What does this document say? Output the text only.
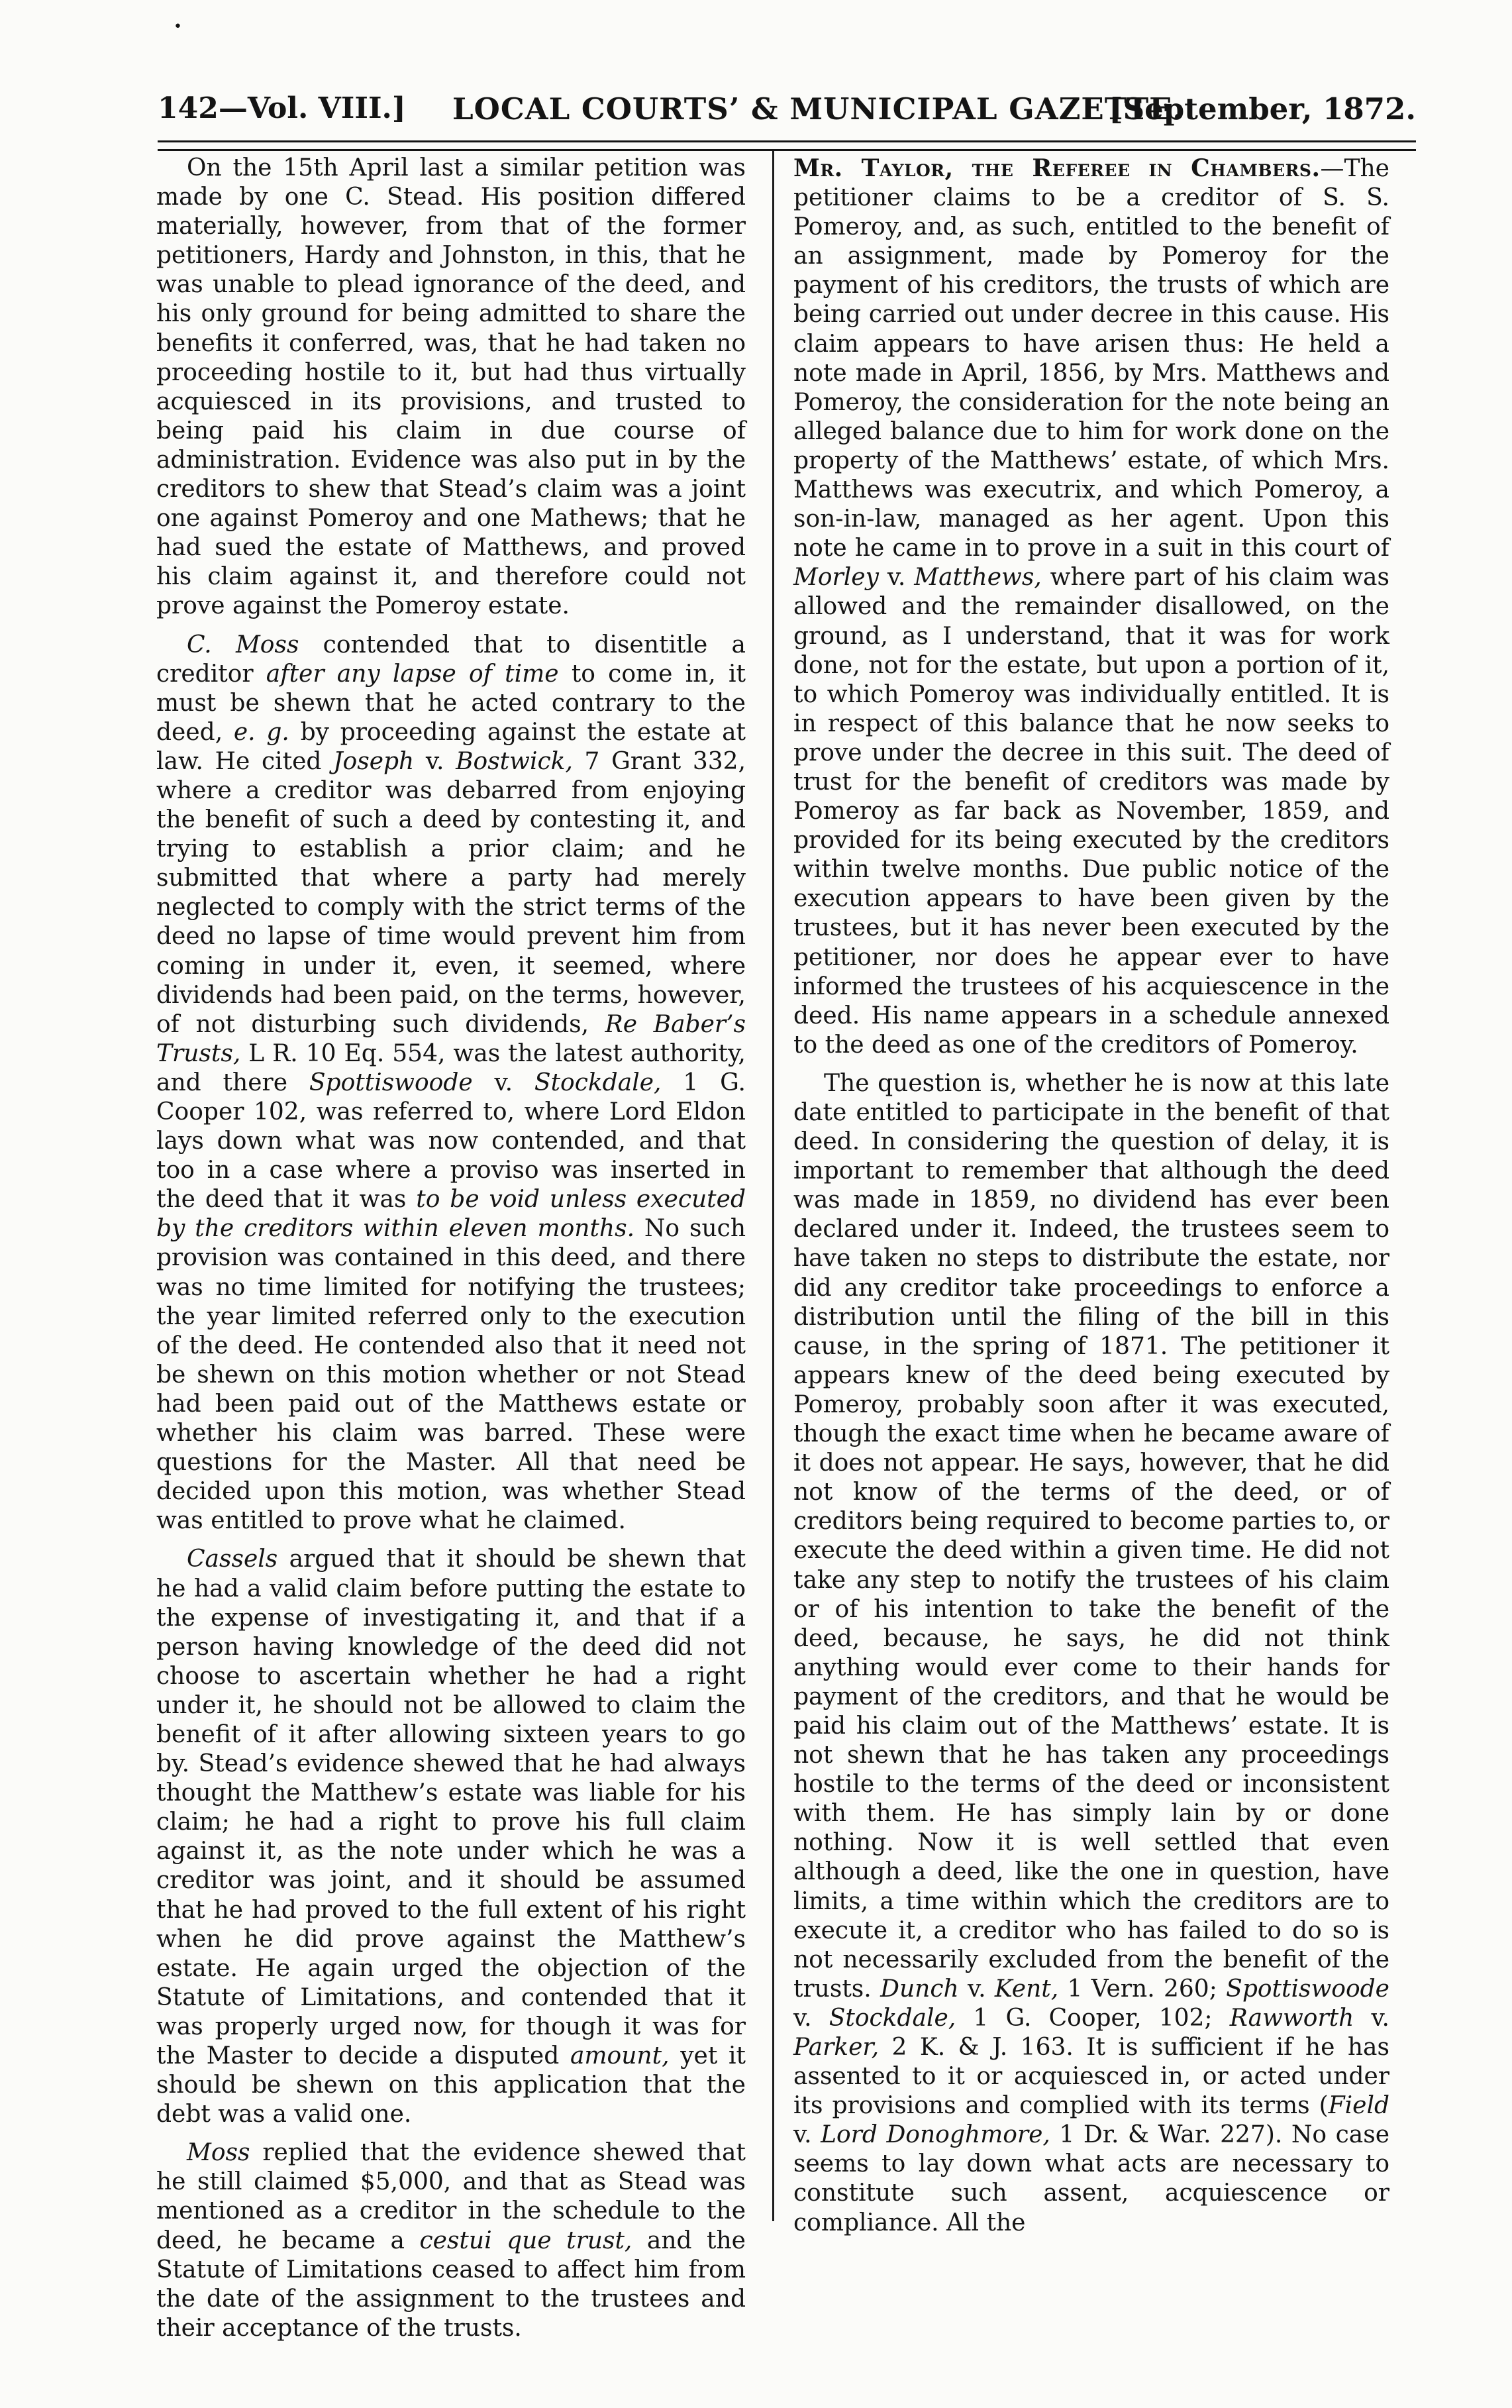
•
142—Vol. VIII.] LOCAL COURTS’ & MUNICIPAL GAZETTE.
[September, 1872.

On the 15th April last a similar petition was made by one C. Stead. His position differed materially, however, from that of the former petitioners, Hardy and Johnston, in this, that he was unable to plead ignorance of the deed, and his only ground for being admitted to share the benefits it conferred, was, that he had taken no proceeding hostile to it, but had thus virtually acquiesced in its provisions, and trusted to being paid his claim in due course of administration. Evidence was also put in by the creditors to shew that Stead’s claim was a joint one against Pomeroy and one Mathews; that he had sued the estate of Matthews, and proved his claim against it, and therefore could not prove against the Pomeroy estate.

C. Moss contended that to disentitle a creditor after any lapse of time to come in, it must be shewn that he acted contrary to the deed, e. g. by proceeding against the estate at law. He cited Joseph v. Bostwick, 7 Grant 332, where a creditor was debarred from enjoying the benefit of such a deed by contesting it, and trying to establish a prior claim; and he submitted that where a party had merely neglected to comply with the strict terms of the deed no lapse of time would prevent him from coming in under it, even, it seemed, where dividends had been paid, on the terms, however, of not disturbing such dividends, Re Baber’s Trusts, L R. 10 Eq. 554, was the latest authority, and there Spottiswoode v. Stockdale, 1 G. Cooper 102, was referred to, where Lord Eldon lays down what was now contended, and that too in a case where a proviso was inserted in the deed that it was to be void unless executed by the creditors within eleven months. No such provision was contained in this deed, and there was no time limited for notifying the trustees; the year limited referred only to the execution of the deed. He contended also that it need not be shewn on this motion whether or not Stead had been paid out of the Matthews estate or whether his claim was barred. These were questions for the Master. All that need be decided upon this motion, was whether Stead was entitled to prove what he claimed.

Cassels argued that it should be shewn that he had a valid claim before putting the estate to the expense of investigating it, and that if a person having knowledge of the deed did not choose to ascertain whether he had a right under it, he should not be allowed to claim the benefit of it after allowing sixteen years to go by. Stead’s evidence shewed that he had always thought the Matthew’s estate was liable for his claim; he had a right to prove his full claim against it, as the note under which he was a creditor was joint, and it should be assumed that he had proved to the full extent of his right when he did prove against the Matthew’s estate. He again urged the objection of the Statute of Limitations, and contended that it was properly urged now, for though it was for the Master to decide a disputed amount, yet it should be shewn on this application that the debt was a valid one.

Moss replied that the evidence shewed that he still claimed $5,000, and that as Stead was mentioned as a creditor in the schedule to the deed, he became a cestui que trust, and the Statute of Limitations ceased to affect him from the date of the assignment to the trustees and their acceptance of the trusts.

Mr. Taylor, the Referee in Chambers.—The petitioner claims to be a creditor of S. S. Pomeroy, and, as such, entitled to the benefit of an assignment, made by Pomeroy for the payment of his creditors, the trusts of which are being carried out under decree in this cause. His claim appears to have arisen thus: He held a note made in April, 1856, by Mrs. Matthews and Pomeroy, the consideration for the note being an alleged balance due to him for work done on the property of the Matthews’ estate, of which Mrs. Matthews was executrix, and which Pomeroy, a son-in-law, managed as her agent. Upon this note he came in to prove in a suit in this court of Morley v. Matthews, where part of his claim was allowed and the remainder disallowed, on the ground, as I understand, that it was for work done, not for the estate, but upon a portion of it, to which Pomeroy was individually entitled. It is in respect of this balance that he now seeks to prove under the decree in this suit. The deed of trust for the benefit of creditors was made by Pomeroy as far back as November, 1859, and provided for its being executed by the creditors within twelve months. Due public notice of the execution appears to have been given by the trustees, but it has never been executed by the petitioner, nor does he appear ever to have informed the trustees of his acquiescence in the deed. His name appears in a schedule annexed to the deed as one of the creditors of Pomeroy.

The question is, whether he is now at this late date entitled to participate in the benefit of that deed. In considering the question of delay, it is important to remember that although the deed was made in 1859, no dividend has ever been declared under it. Indeed, the trustees seem to have taken no steps to distribute the estate, nor did any creditor take proceedings to enforce a distribution until the filing of the bill in this cause, in the spring of 1871. The petitioner it appears knew of the deed being executed by Pomeroy, probably soon after it was executed, though the exact time when he became aware of it does not appear. He says, however, that he did not know of the terms of the deed, or of creditors being required to become parties to, or execute the deed within a given time. He did not take any step to notify the trustees of his claim or of his intention to take the benefit of the deed, because, he says, he did not think anything would ever come to their hands for payment of the creditors, and that he would be paid his claim out of the Matthews’ estate. It is not shewn that he has taken any proceedings hostile to the terms of the deed or inconsistent with them. He has simply lain by or done nothing. Now it is well settled that even although a deed, like the one in question, have limits, a time within which the creditors are to execute it, a creditor who has failed to do so is not necessarily excluded from the benefit of the trusts. Dunch v. Kent, 1 Vern. 260; Spottiswoode v. Stockdale, 1 G. Cooper, 102; Rawworth v. Parker, 2 K. & J. 163. It is sufficient if he has assented to it or acquiesced in, or acted under its provisions and complied with its terms (Field v. Lord Donoghmore, 1 Dr. & War. 227). No case seems to lay down what acts are necessary to constitute such assent, acquiescence or compliance. All the
